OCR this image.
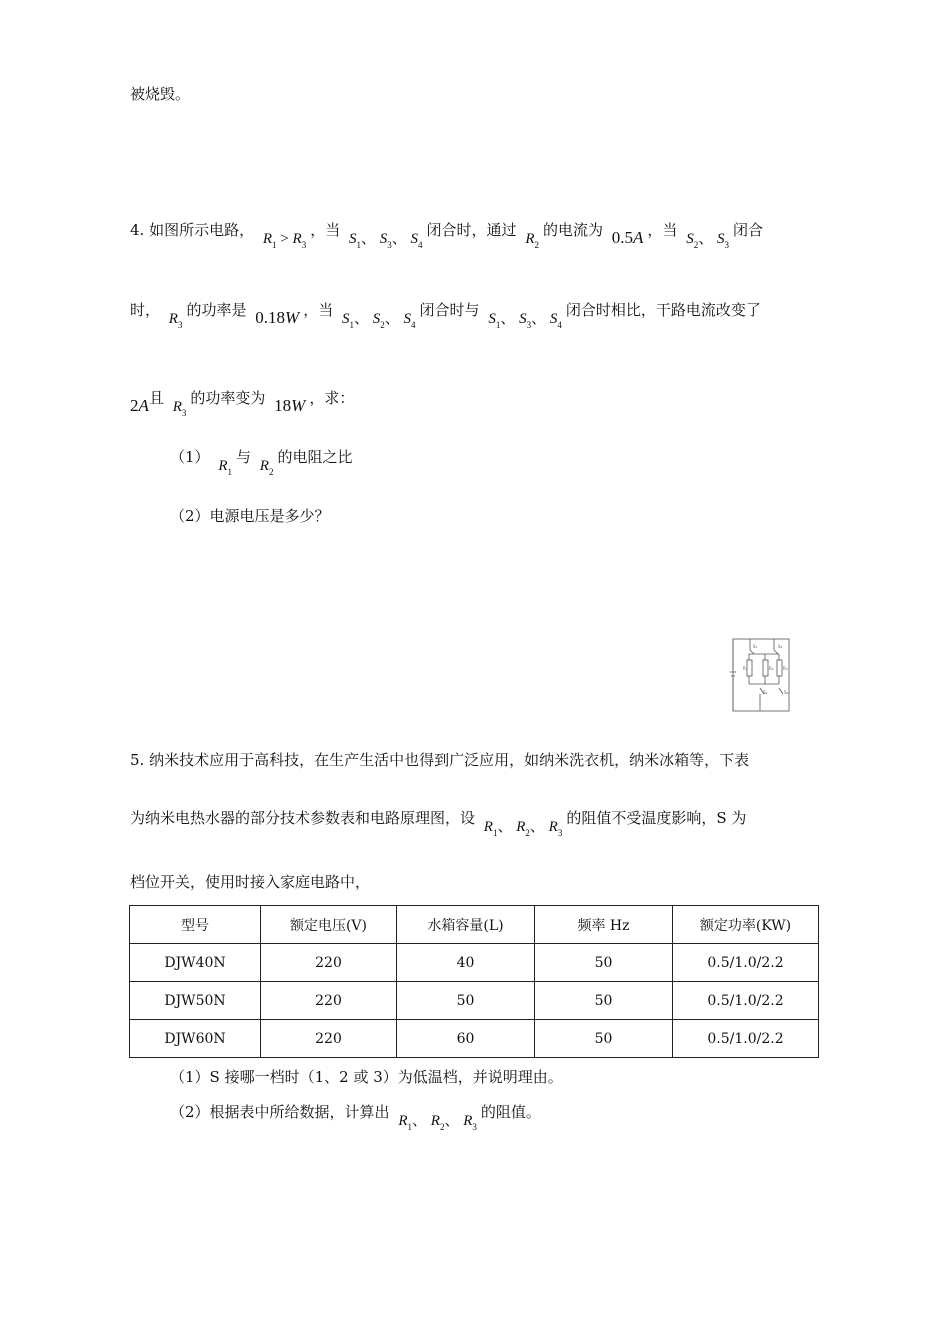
被烧毁。
4. 如图所示电路， $R_1 > R_3$，当 $S_1$、 $S_3$、 $S_4$闭合时，通过 $R_2$的电流为 0.5A ，当 $S_2$、 $S_3$闭合
时， $R_3$的功率是 0.18W ，当 $S_1$、 $S_2$、 $S_4$闭合时与 $S_1$、 $S_3$、 $S_4$闭合时相比，干路电流改变了
2A且 $R_3$的功率变为 18W ，求：
（1） $R_1$与 $R_2$的电阻之比
（2）电源电压是多少？
S1	S3
R1	R2 R3
S2	S4
5. 纳米技术应用于高科技，在生产生活中也得到广泛应用，如纳米洗衣机，纳米冰箱等，下表
为纳米电热水器的部分技术参数表和电路原理图，设 $R_1$、 $R_2$、 $R_3$的阻值不受温度影响，S 为
档位开关，使用时接入家庭电路中，
型号	额定电压(V)	水箱容量(L)	频率 Hz	额定功率(KW)
DJW40N	220	40	50	0.5/1.0/2.2
DJW50N	220	50	50	0.5/1.0/2.2
DJW60N	220	60	50	0.5/1.0/2.2
（1）S 接哪一档时（1、2 或 3）为低温档，并说明理由。
（2）根据表中所给数据，计算出 $R_1$、 $R_2$、 $R_3$的阻值。
